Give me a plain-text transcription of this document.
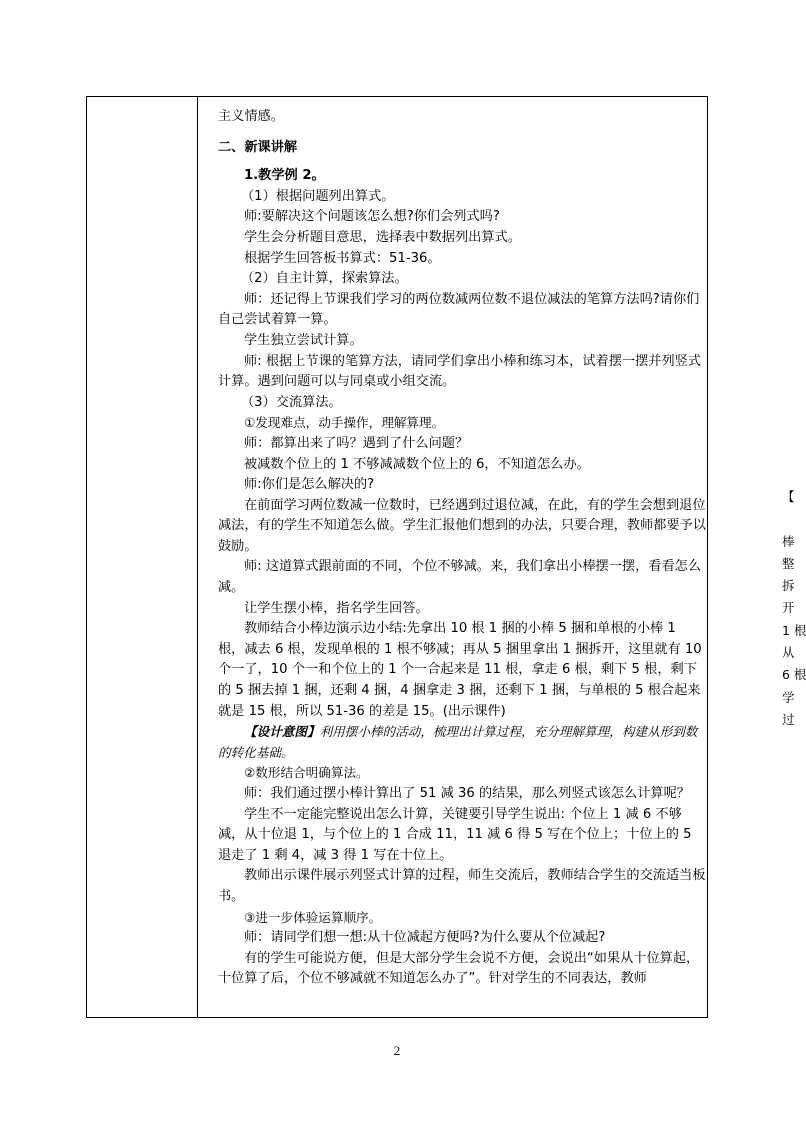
主义情感。

二、新课讲解

1.教学例 2。

（1）根据问题列出算式。

师:要解决这个问题该怎么想?你们会列式吗?

学生会分析题目意思，选择表中数据列出算式。

根据学生回答板书算式：51-36。

（2）自主计算，探索算法。

师：还记得上节课我们学习的两位数减两位数不退位减法的笔算方法吗?请你们自己尝试着算一算。

学生独立尝试计算。

师: 根据上节课的笔算方法，请同学们拿出小棒和练习本，试着摆一摆并列竖式计算。遇到问题可以与同桌或小组交流。

（3）交流算法。

①发现难点，动手操作，理解算理。

师：都算出来了吗？遇到了什么问题？

被减数个位上的 1 不够减减数个位上的 6，不知道怎么办。

师:你们是怎么解决的?

在前面学习两位数减一位数时，已经遇到过退位减，在此，有的学生会想到退位减法，有的学生不知道怎么做。学生汇报他们想到的办法，只要合理，教师都要予以鼓励。

师: 这道算式跟前面的不同，个位不够减。来，我们拿出小棒摆一摆，看看怎么减。

让学生摆小棒，指名学生回答。

教师结合小棒边演示边小结:先拿出 10 根 1 捆的小棒 5 捆和单根的小棒 1 根，减去 6 根，发现单根的 1 根不够减；再从 5 捆里拿出 1 捆拆开，这里就有 10 个一了，10 个一和个位上的 1 个一合起来是 11 根，拿走 6 根，剩下 5 根，剩下的 5 捆去掉 1 捆，还剩 4 捆，4 捆拿走 3 捆，还剩下 1 捆，与单根的 5 根合起来就是 15 根，所以 51-36 的差是 15。(出示课件)

【设计意图】利用摆小棒的活动，梳理出计算过程，充分理解算理，构建从形到数的转化基础。

②数形结合明确算法。

师：我们通过摆小棒计算出了 51 减 36 的结果，那么列竖式该怎么计算呢？

学生不一定能完整说出怎么计算，关键要引导学生说出: 个位上 1 减 6 不够减，从十位退 1，与个位上的 1 合成 11，11 减 6 得 5 写在个位上；十位上的 5 退走了 1 剩 4，减 3 得 1 写在十位上。

教师出示课件展示列竖式计算的过程，师生交流后，教师结合学生的交流适当板书。

③进一步体验运算顺序。

师：请同学们想一想:从十位减起方便吗?为什么要从个位减起?

有的学生可能说方便，但是大部分学生会说不方便，会说出“如果从十位算起，十位算了后，个位不够减就不知道怎么办了”。针对学生的不同表达，教师

2
【
棒
整
拆
开
1 根
从
6 根
学
过
